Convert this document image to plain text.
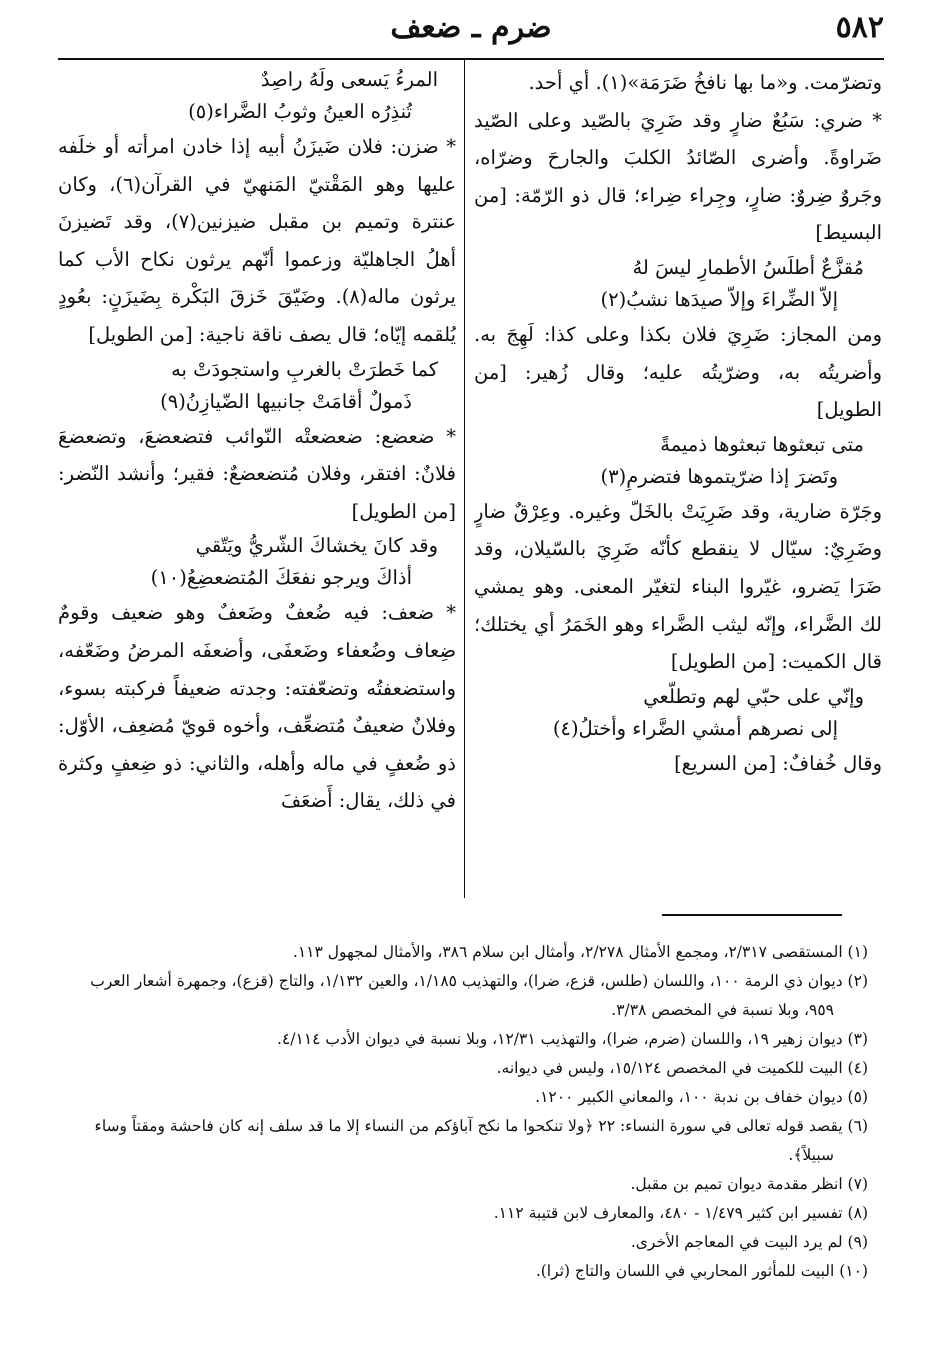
٥٨٢
ضرم ـ ضعف

وتضرّمت. و«ما بها نافخُ ضَرَمَة»(١). أي أحد.

* ضري: سَبُعٌ ضارٍ وقد ضَرِيَ بالصّيد وعلى الصّيد ضَراوةً. وأضرى الصّائدُ الكلبَ والجارحَ وضرّاه، وجَروٌ ضِروٌ: ضارٍ، وجِراء ضِراء؛ قال ذو الرّمّة: [من البسيط]

مُقزَّعٌ أطلَسُ الأطمارِ ليسَ لهُ
إلاّ الضِّراءَ وإلاّ صيدَها نشبُ(٢)

ومن المجاز: ضَرِيَ فلان بكذا وعلى كذا: لَهِجَ به. وأضريتُه به، وضرّيتُه عليه؛ وقال زُهير: [من الطويل]

متى تبعثوها تبعثوها ذميمةً
وتَضرَ إذا ضرّيتموها فتضرمِ(٣)

وجَرّة ضارية، وقد ضَرِيَتْ بالخَلّ وغيره. وعِرْقٌ ضارٍ وضَرِيٌ: سيّال لا ينقطع كأنّه ضَرِيَ بالسّيلان، وقد ضَرَا يَضرو، غيّروا البناء لتغيّر المعنى. وهو يمشي لك الضَّراء، وإنّه ليثب الضَّراء وهو الخَمَرُ أي يختلك؛ قال الكميت: [من الطويل]

وإنّي على حبّي لهم وتطلّعي
إلى نصرهم أمشي الضَّراء وأختلُ(٤)

وقال خُفافٌ: [من السريع]

المرءُ يَسعى ولَهُ راصِدٌ
تُنذِرُه العينُ وثوبُ الضَّراء(٥)

* ضزن: فلان ضَيزَنُ أبيه إذا خادن امرأته أو خلَفه عليها وهو المَقْتيّ المَنهيّ في القرآن(٦)، وكان عنترة وتميم بن مقبل ضيزنين(٧)، وقد تَضيزنَ أهلُ الجاهليّة وزعموا أنّهم يرثون نكاح الأب كما يرثون ماله(٨). وضَيّقَ خَزقَ البَكْرة بِضَيزَنٍ: بعُودٍ يُلقمه إيّاه؛ قال يصف ناقة ناجية: [من الطويل]

كما خَطرَتْ بالغربِ واستجودَتْ به
ذَمولٌ أقامَتْ جانبيها الضّيازِنُ(٩)

* ضعضع: ضعضعتْه النّوائب فتضعضعَ، وتضعضعَ فلانٌ: افتقر، وفلان مُتضعضعٌ: فقير؛ وأنشد النّضر: [من الطويل]

وقد كانَ يخشاكَ الشّريُّ ويَتّقي
أذاكَ ويرجو نفعَكَ المُتضعضِعُ(١٠)

* ضعف: فيه ضُعفٌ وضَعفٌ وهو ضعيف وقومٌ ضِعاف وضُعفاء وضَعفَى، وأضعفَه المرضُ وضَعّفه، واستضعفتُه وتضعّفته: وجدته ضعيفاً فركبته بسوء، وفلانٌ ضعيفٌ مُتضعِّف، وأخوه قويّ مُضعِف، الأوّل: ذو ضُعفٍ في ماله وأهله، والثاني: ذو ضِعفٍ وكثرة في ذلك، يقال: أَضعَفَ

(١) المستقصى ٢/٣١٧، ومجمع الأمثال ٢/٢٧٨، وأمثال ابن سلام ٣٨٦، والأمثال لمجهول ١١٣.
(٢) ديوان ذي الرمة ١٠٠، واللسان (طلس، قزع، ضرا)، والتهذيب ١/١٨٥، والعين ١/١٣٢، والتاج (قزع)، وجمهرة أشعار العرب ٩٥٩، وبلا نسبة في المخصص ٣/٣٨.
(٣) ديوان زهير ١٩، واللسان (ضرم، ضرا)، والتهذيب ١٢/٣١، وبلا نسبة في ديوان الأدب ٤/١١٤.
(٤) البيت للكميت في المخصص ١٥/١٢٤، وليس في ديوانه.
(٥) ديوان خفاف بن ندبة ١٠٠، والمعاني الكبير ١٢٠٠.
(٦) يقصد قوله تعالى في سورة النساء: ٢٢ ﴿ولا تنكحوا ما نكح آباؤكم من النساء إلا ما قد سلف إنه كان فاحشة ومقتاً وساء سبيلاً﴾.
(٧) انظر مقدمة ديوان تميم بن مقبل.
(٨) تفسير ابن كثير ١/٤٧٩ - ٤٨٠، والمعارف لابن قتيبة ١١٢.
(٩) لم يرد البيت في المعاجم الأخرى.
(١٠) البيت للمأثور المحاربي في اللسان والتاج (ثرا).
